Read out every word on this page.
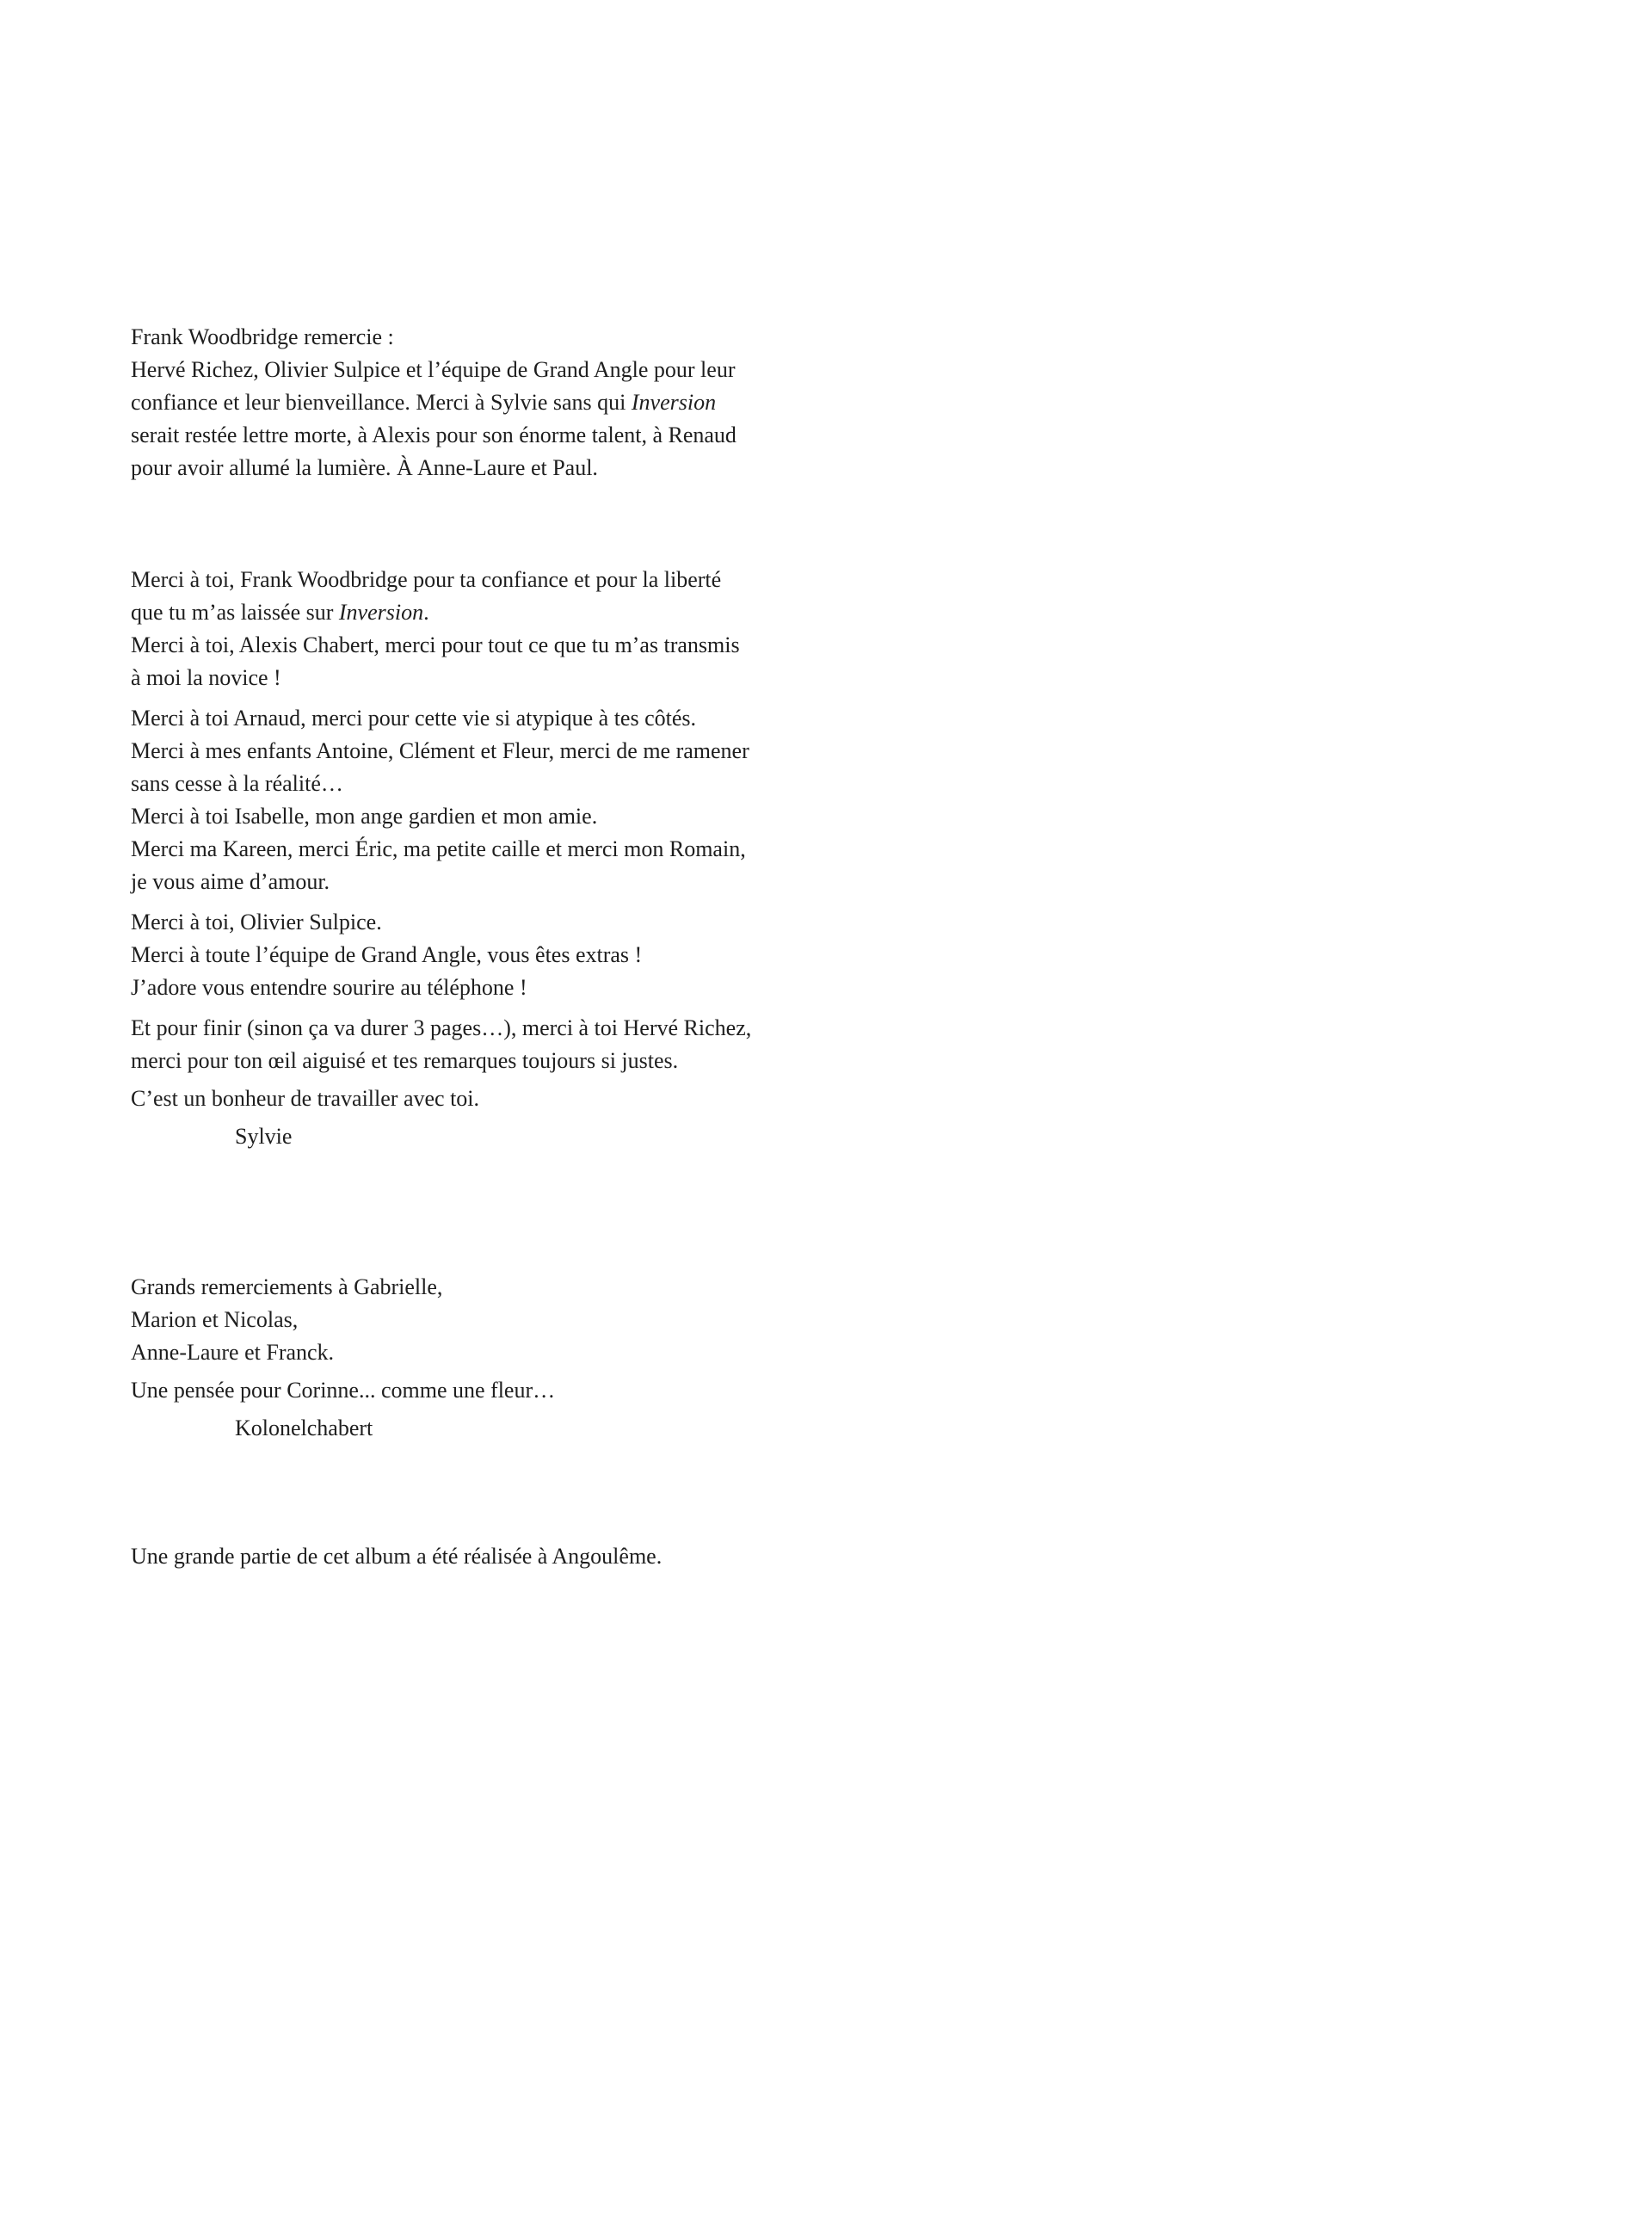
Frank Woodbridge remercie :
Hervé Richez, Olivier Sulpice et l’équipe de Grand Angle pour leur
confiance et leur bienveillance. Merci à Sylvie sans qui Inversion
serait restée lettre morte, à Alexis pour son énorme talent, à Renaud
pour avoir allumé la lumière. À Anne-Laure et Paul.
Merci à toi, Frank Woodbridge pour ta confiance et pour la liberté
que tu m’as laissée sur Inversion.
Merci à toi, Alexis Chabert, merci pour tout ce que tu m’as transmis
à moi la novice !
Merci à toi Arnaud, merci pour cette vie si atypique à tes côtés.
Merci à mes enfants Antoine, Clément et Fleur, merci de me ramener
sans cesse à la réalité…
Merci à toi Isabelle, mon ange gardien et mon amie.
Merci ma Kareen, merci Éric, ma petite caille et merci mon Romain,
je vous aime d’amour.
Merci à toi, Olivier Sulpice.
Merci à toute l’équipe de Grand Angle, vous êtes extras !
J’adore vous entendre sourire au téléphone !
Et pour finir (sinon ça va durer 3 pages…), merci à toi Hervé Richez,
merci pour ton œil aiguisé et tes remarques toujours si justes.
C’est un bonheur de travailler avec toi.
Sylvie
Grands remerciements à Gabrielle,
Marion et Nicolas,
Anne-Laure et Franck.
Une pensée pour Corinne... comme une fleur…
Kolonelchabert
Une grande partie de cet album a été réalisée à Angoulême.
